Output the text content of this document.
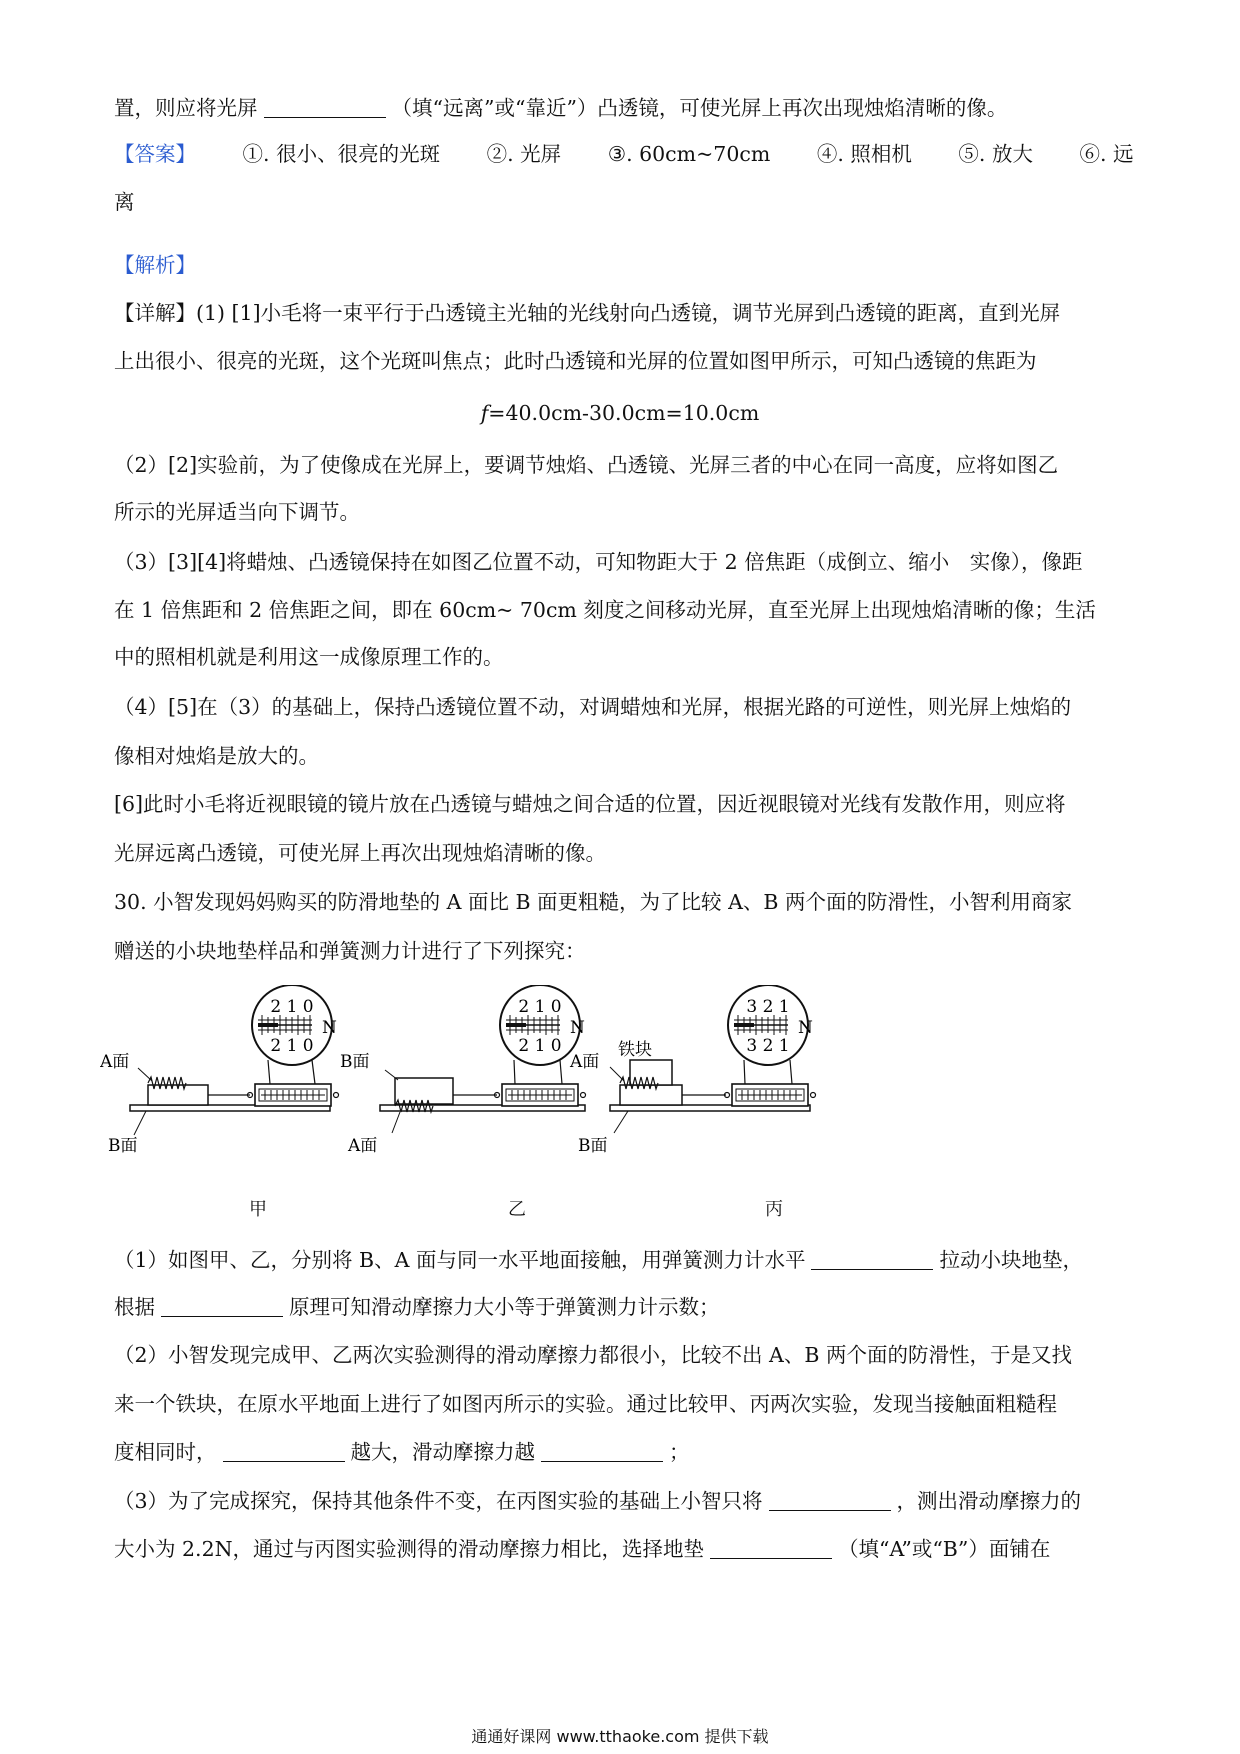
置，则应将光屏	（填“远离”或“靠近”）凸透镜，可使光屏上再次出现烛焰清晰的像。
【答案】 ①. 很小、很亮的光斑 ②. 光屏 ③. 60cm~70cm ④. 照相机 ⑤. 放大 ⑥. 远
离
【解析】
【详解】(1) [1]小毛将一束平行于凸透镜主光轴的光线射向凸透镜，调节光屏到凸透镜的距离，直到光屏
上出很小、很亮的光斑，这个光斑叫焦点；此时凸透镜和光屏的位置如图甲所示，可知凸透镜的焦距为
f=40.0cm-30.0cm=10.0cm
（2）[2]实验前，为了使像成在光屏上，要调节烛焰、凸透镜、光屏三者的中心在同一高度，应将如图乙
所示的光屏适当向下调节。
（3）[3][4]将蜡烛、凸透镜保持在如图乙位置不动，可知物距大于 2 倍焦距（成倒立、缩小　实像），像距
在 1 倍焦距和 2 倍焦距之间，即在 60cm~ 70cm 刻度之间移动光屏，直至光屏上出现烛焰清晰的像；生活
中的照相机就是利用这一成像原理工作的。
（4）[5]在（3）的基础上，保持凸透镜位置不动，对调蜡烛和光屏，根据光路的可逆性，则光屏上烛焰的
像相对烛焰是放大的。
[6]此时小毛将近视眼镜的镜片放在凸透镜与蜡烛之间合适的位置，因近视眼镜对光线有发散作用，则应将
光屏远离凸透镜，可使光屏上再次出现烛焰清晰的像。
30. 小智发现妈妈购买的防滑地垫的 A 面比 B 面更粗糙，为了比较 A、B 两个面的防滑性，小智利用商家
赠送的小块地垫样品和弹簧测力计进行了下列探究：
A面
B面
2 1 0
2 1 0
N
B面
A面
2 1 0
2 1 0
N
A面
B面
铁块
3 2 1
3 2 1
N
甲	乙	丙
（1）如图甲、乙，分别将 B、A 面与同一水平地面接触，用弹簧测力计水平	拉动小块地垫，
根据	原理可知滑动摩擦力大小等于弹簧测力计示数；
（2）小智发现完成甲、乙两次实验测得的滑动摩擦力都很小，比较不出 A、B 两个面的防滑性，于是又找
来一个铁块，在原水平地面上进行了如图丙所示的实验。通过比较甲、丙两次实验，发现当接触面粗糙程
度相同时，	越大，滑动摩擦力越	；
（3）为了完成探究，保持其他条件不变，在丙图实验的基础上小智只将	，测出滑动摩擦力的
大小为 2.2N，通过与丙图实验测得的滑动摩擦力相比，选择地垫	（填“A”或“B”）面铺在
通通好课网 www.tthaoke.com 提供下载
